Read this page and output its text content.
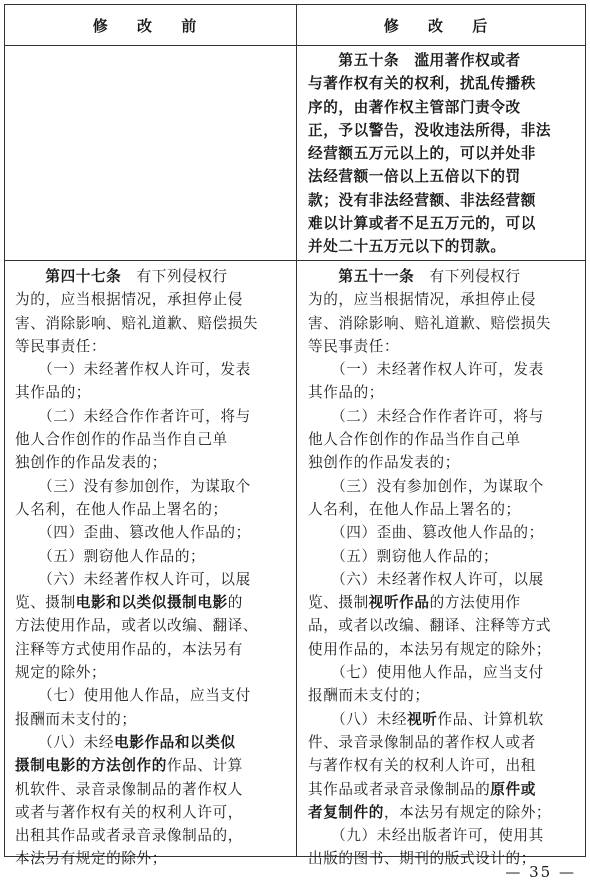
修 改 前	修 改 后
　　第五十条　滥用著作权或者
与著作权有关的权利，扰乱传播秩
序的，由著作权主管部门责令改
正，予以警告，没收违法所得，非法
经营额五万元以上的，可以并处非
法经营额一倍以上五倍以下的罚
款；没有非法经营额、非法经营额
难以计算或者不足五万元的，可以
并处二十五万元以下的罚款。
　　第四十七条　有下列侵权行
为的，应当根据情况，承担停止侵
害、消除影响、赔礼道歉、赔偿损失
等民事责任：
　　（一）未经著作权人许可，发表
其作品的；
　　（二）未经合作作者许可，将与
他人合作创作的作品当作自己单
独创作的作品发表的；
　　（三）没有参加创作，为谋取个
人名利，在他人作品上署名的；
　　（四）歪曲、篡改他人作品的；
　　（五）剽窃他人作品的；
　　（六）未经著作权人许可，以展
览、摄制电影和以类似摄制电影的
方法使用作品，或者以改编、翻译、
注释等方式使用作品的，本法另有
规定的除外；
　　（七）使用他人作品，应当支付
报酬而未支付的；
　　（八）未经电影作品和以类似
摄制电影的方法创作的作品、计算
机软件、录音录像制品的著作权人
或者与著作权有关的权利人许可，
出租其作品或者录音录像制品的，
本法另有规定的除外；
　　第五十一条　有下列侵权行
为的，应当根据情况，承担停止侵
害、消除影响、赔礼道歉、赔偿损失
等民事责任：
　　（一）未经著作权人许可，发表
其作品的；
　　（二）未经合作作者许可，将与
他人合作创作的作品当作自己单
独创作的作品发表的；
　　（三）没有参加创作，为谋取个
人名利，在他人作品上署名的；
　　（四）歪曲、篡改他人作品的；
　　（五）剽窃他人作品的；
　　（六）未经著作权人许可，以展
览、摄制视听作品的方法使用作
品，或者以改编、翻译、注释等方式
使用作品的，本法另有规定的除外；
　　（七）使用他人作品，应当支付
报酬而未支付的；
　　（八）未经视听作品、计算机软
件、录音录像制品的著作权人或者
与著作权有关的权利人许可，出租
其作品或者录音录像制品的原件或
者复制件的，本法另有规定的除外；
　　（九）未经出版者许可，使用其
出版的图书、期刊的版式设计的；
— 35 —
